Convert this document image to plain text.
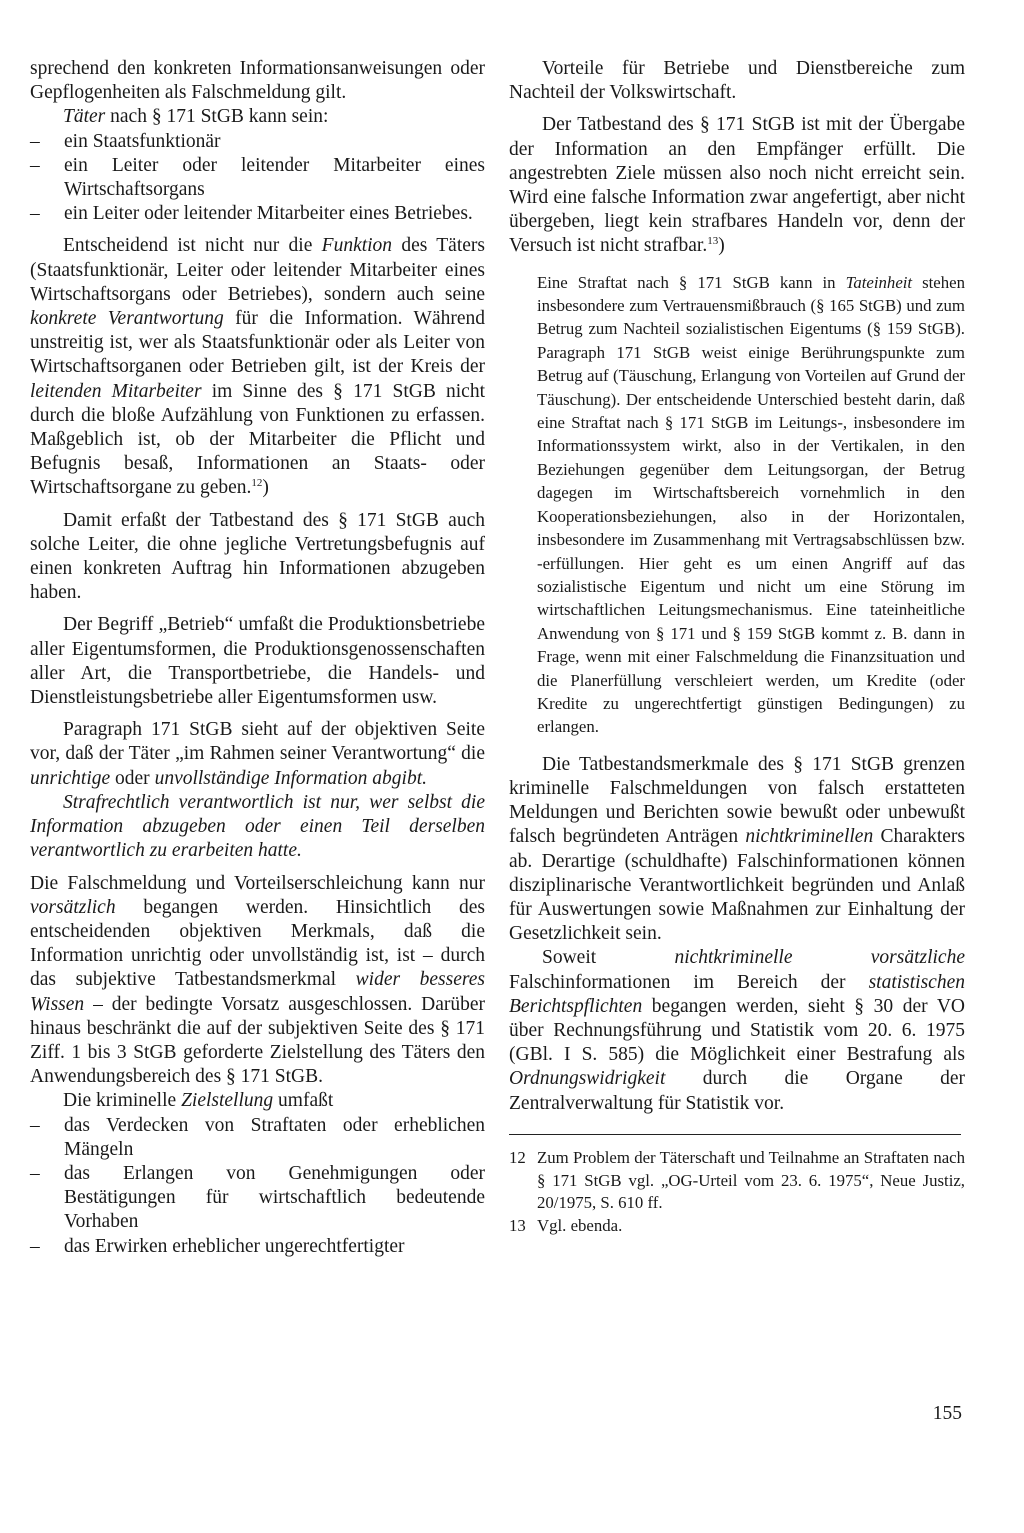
sprechend den konkreten Informationsanweisungen oder Gepflogenheiten als Falschmeldung gilt.

Täter nach § 171 StGB kann sein:

– ein Staatsfunktionär
– ein Leiter oder leitender Mitarbeiter eines Wirtschaftsorgans
– ein Leiter oder leitender Mitarbeiter eines Betriebes.

Entscheidend ist nicht nur die Funktion des Täters (Staatsfunktionär, Leiter oder leitender Mitarbeiter eines Wirtschaftsorgans oder Betriebes), sondern auch seine konkrete Verantwortung für die Information. Während unstreitig ist, wer als Staatsfunktionär oder als Leiter von Wirtschaftsorganen oder Betrieben gilt, ist der Kreis der leitenden Mitarbeiter im Sinne des § 171 StGB nicht durch die bloße Aufzählung von Funktionen zu erfassen. Maßgeblich ist, ob der Mitarbeiter die Pflicht und Befugnis besaß, Informationen an Staats- oder Wirtschaftsorgane zu geben.$^{12}$)

Damit erfaßt der Tatbestand des § 171 StGB auch solche Leiter, die ohne jegliche Vertretungsbefugnis auf einen konkreten Auftrag hin Informationen abzugeben haben.

Der Begriff „Betrieb“ umfaßt die Produktionsbetriebe aller Eigentumsformen, die Produktionsgenossenschaften aller Art, die Transportbetriebe, die Handels- und Dienstleistungsbetriebe aller Eigentumsformen usw.

Paragraph 171 StGB sieht auf der objektiven Seite vor, daß der Täter „im Rahmen seiner Verantwortung“ die unrichtige oder unvollständige Information abgibt.

Strafrechtlich verantwortlich ist nur, wer selbst die Information abzugeben oder einen Teil derselben verantwortlich zu erarbeiten hatte.

Die Falschmeldung und Vorteilserschleichung kann nur vorsätzlich begangen werden. Hinsichtlich des entscheidenden objektiven Merkmals, daß die Information unrichtig oder unvollständig ist, ist – durch das subjektive Tatbestandsmerkmal wider besseres Wissen – der bedingte Vorsatz ausgeschlossen. Darüber hinaus beschränkt die auf der subjektiven Seite des § 171 Ziff. 1 bis 3 StGB geforderte Zielstellung des Täters den Anwendungsbereich des § 171 StGB.

Die kriminelle Zielstellung umfaßt

– das Verdecken von Straftaten oder erheblichen Mängeln
– das Erlangen von Genehmigungen oder Bestätigungen für wirtschaftlich bedeutende Vorhaben
– das Erwirken erheblicher ungerechtfertigter

Vorteile für Betriebe und Dienstbereiche zum Nachteil der Volkswirtschaft.

Der Tatbestand des § 171 StGB ist mit der Übergabe der Information an den Empfänger erfüllt. Die angestrebten Ziele müssen also noch nicht erreicht sein. Wird eine falsche Information zwar angefertigt, aber nicht übergeben, liegt kein strafbares Handeln vor, denn der Versuch ist nicht strafbar.$^{13}$)

Eine Straftat nach § 171 StGB kann in Tateinheit stehen insbesondere zum Vertrauensmißbrauch (§ 165 StGB) und zum Betrug zum Nachteil sozialistischen Eigentums (§ 159 StGB). Paragraph 171 StGB weist einige Berührungspunkte zum Betrug auf (Täuschung, Erlangung von Vorteilen auf Grund der Täuschung). Der entscheidende Unterschied besteht darin, daß eine Straftat nach § 171 StGB im Leitungs-, insbesondere im Informationssystem wirkt, also in der Vertikalen, in den Beziehungen gegenüber dem Leitungsorgan, der Betrug dagegen im Wirtschaftsbereich vornehmlich in den Kooperationsbeziehungen, also in der Horizontalen, insbesondere im Zusammenhang mit Vertragsabschlüssen bzw. -erfüllungen. Hier geht es um einen Angriff auf das sozialistische Eigentum und nicht um eine Störung im wirtschaftlichen Leitungsmechanismus. Eine tateinheitliche Anwendung von § 171 und § 159 StGB kommt z. B. dann in Frage, wenn mit einer Falschmeldung die Finanzsituation und die Planerfüllung verschleiert werden, um Kredite (oder Kredite zu ungerechtfertigt günstigen Bedingungen) zu erlangen.

Die Tatbestandsmerkmale des § 171 StGB grenzen kriminelle Falschmeldungen von falsch erstatteten Meldungen und Berichten sowie bewußt oder unbewußt falsch begründeten Anträgen nichtkriminellen Charakters ab. Derartige (schuldhafte) Falschinformationen können disziplinarische Verantwortlichkeit begründen und Anlaß für Auswertungen sowie Maßnahmen zur Einhaltung der Gesetzlichkeit sein.

Soweit nichtkriminelle vorsätzliche Falschinformationen im Bereich der statistischen Berichtspflichten begangen werden, sieht § 30 der VO über Rechnungsführung und Statistik vom 20. 6. 1975 (GBl. I S. 585) die Möglichkeit einer Bestrafung als Ordnungswidrigkeit durch die Organe der Zentralverwaltung für Statistik vor.

12 Zum Problem der Täterschaft und Teilnahme an Straftaten nach § 171 StGB vgl. „OG-Urteil vom 23. 6. 1975“, Neue Justiz, 20/1975, S. 610 ff.

13 Vgl. ebenda.

155
